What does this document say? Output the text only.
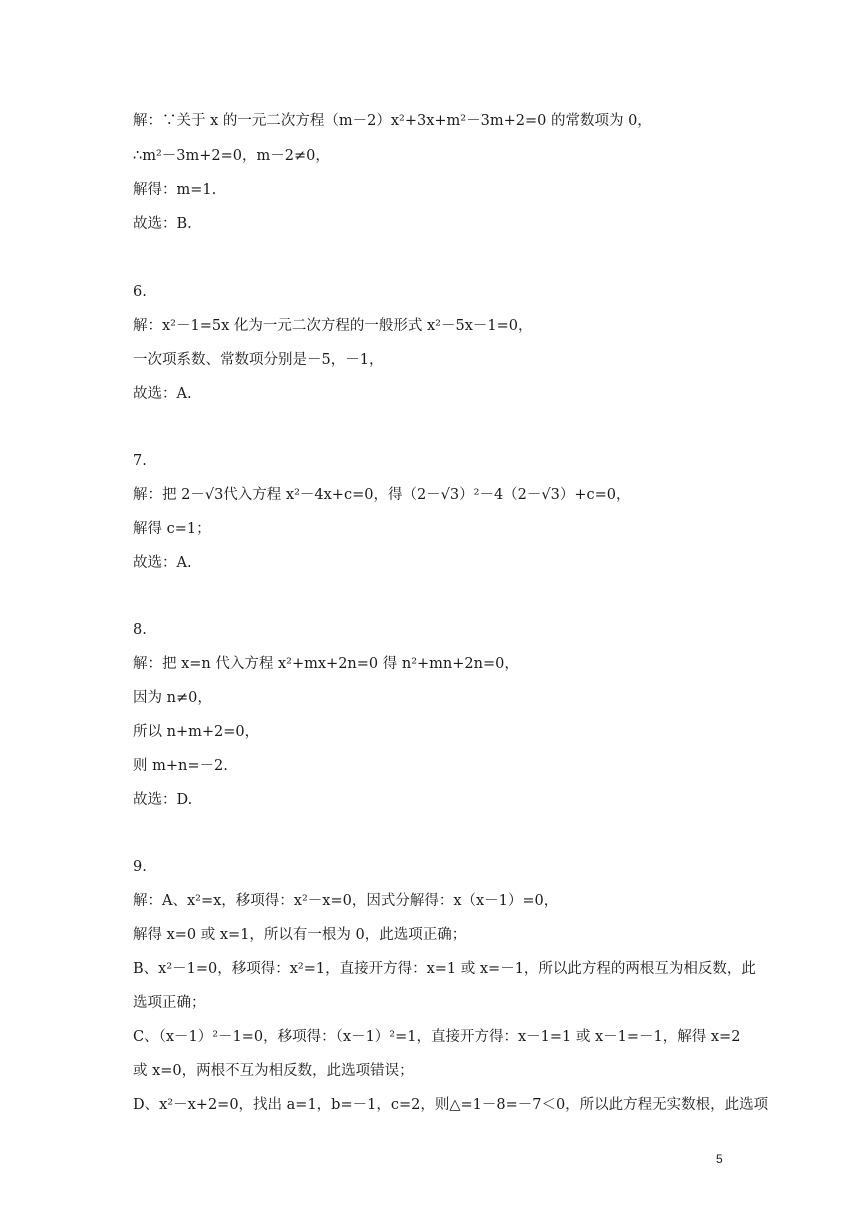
解：∵关于 x 的一元二次方程（m－2）x²+3x+m²－3m+2=0 的常数项为 0，
∴m²－3m+2=0，m－2≠0，
解得：m=1.
故选：B.
6.
解：x²－1=5x 化为一元二次方程的一般形式 x²－5x－1=0，
一次项系数、常数项分别是－5，－1，
故选：A.
7.
解：把 2－√3代入方程 x²－4x+c=0，得（2－√3）²－4（2－√3）+c=0，
解得 c=1；
故选：A.
8.
解：把 x=n 代入方程 x²+mx+2n=0 得 n²+mn+2n=0，
因为 n≠0，
所以 n+m+2=0，
则 m+n=－2.
故选：D.
9.
解：A、x²=x，移项得：x²－x=0，因式分解得：x（x－1）=0，
解得 x=0 或 x=1，所以有一根为 0，此选项正确；
B、x²－1=0，移项得：x²=1，直接开方得：x=1 或 x=－1，所以此方程的两根互为相反数，此
选项正确；
C、（x－1）²－1=0，移项得：（x－1）²=1，直接开方得：x－1=1 或 x－1=－1，解得 x=2
或 x=0，两根不互为相反数，此选项错误；
D、x²－x+2=0，找出 a=1，b=－1，c=2，则△=1－8=－7＜0，所以此方程无实数根，此选项
5
